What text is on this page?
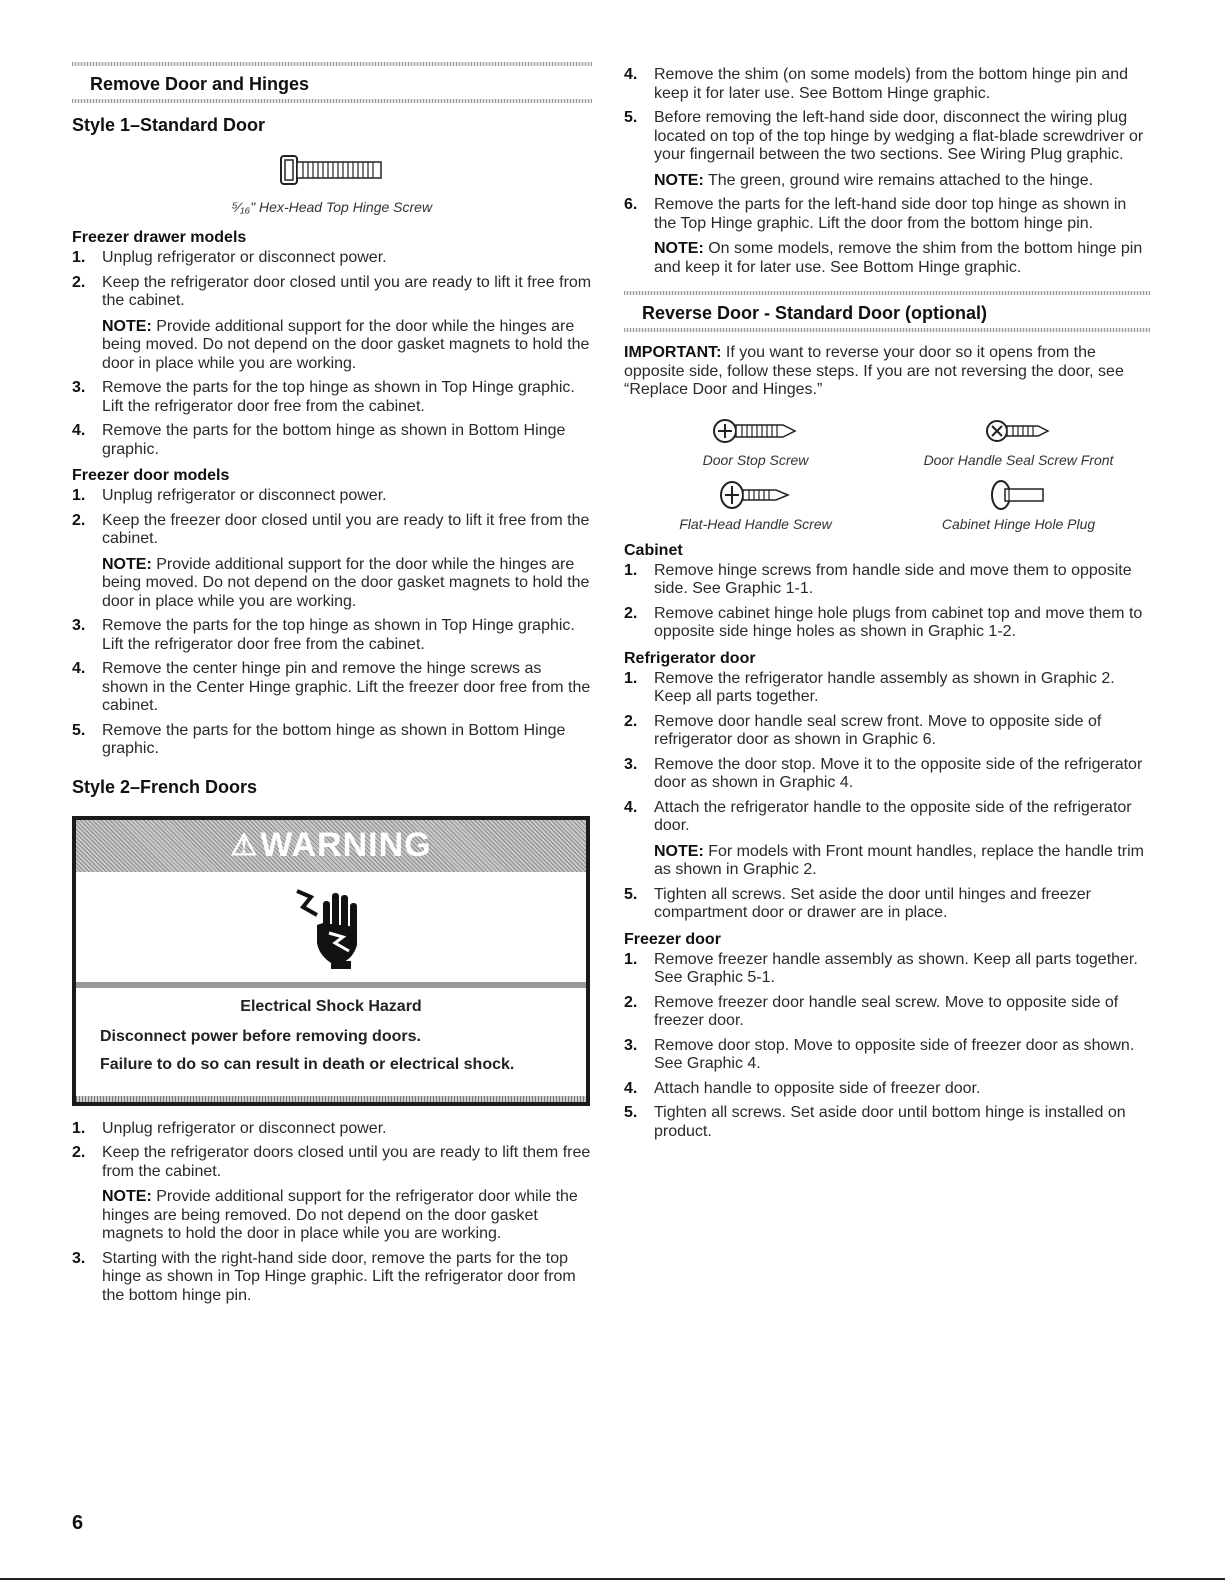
Remove Door and Hinges
Style 1–Standard Door
⁵⁄₁₆" Hex-Head Top Hinge Screw
Freezer drawer models
1. Unplug refrigerator or disconnect power.

2. Keep the refrigerator door closed until you are ready to lift it free from the cabinet.

NOTE: Provide additional support for the door while the hinges are being moved. Do not depend on the door gasket magnets to hold the door in place while you are working.

3. Remove the parts for the top hinge as shown in Top Hinge graphic. Lift the refrigerator door free from the cabinet.

4. Remove the parts for the bottom hinge as shown in Bottom Hinge graphic.

Freezer door models
1. Unplug refrigerator or disconnect power.

2. Keep the freezer door closed until you are ready to lift it free from the cabinet.

NOTE: Provide additional support for the door while the hinges are being moved. Do not depend on the door gasket magnets to hold the door in place while you are working.

3. Remove the parts for the top hinge as shown in Top Hinge graphic. Lift the refrigerator door free from the cabinet.

4. Remove the center hinge pin and remove the hinge screws as shown in the Center Hinge graphic. Lift the freezer door free from the cabinet.

5. Remove the parts for the bottom hinge as shown in Bottom Hinge graphic.

Style 2–French Doors
⚠ WARNING
Electrical Shock Hazard
Disconnect power before removing doors.
Failure to do so can result in death or electrical shock.
1. Unplug refrigerator or disconnect power.

2. Keep the refrigerator doors closed until you are ready to lift them free from the cabinet.

NOTE: Provide additional support for the refrigerator door while the hinges are being removed. Do not depend on the door gasket magnets to hold the door in place while you are working.

3. Starting with the right-hand side door, remove the parts for the top hinge as shown in Top Hinge graphic. Lift the refrigerator door from the bottom hinge pin.

4. Remove the shim (on some models) from the bottom hinge pin and keep it for later use. See Bottom Hinge graphic.

5. Before removing the left-hand side door, disconnect the wiring plug located on top of the top hinge by wedging a flat-blade screwdriver or your fingernail between the two sections. See Wiring Plug graphic.

NOTE: The green, ground wire remains attached to the hinge.

6. Remove the parts for the left-hand side door top hinge as shown in the Top Hinge graphic. Lift the door from the bottom hinge pin.

NOTE: On some models, remove the shim from the bottom hinge pin and keep it for later use. See Bottom Hinge graphic.

Reverse Door - Standard Door (optional)

IMPORTANT: If you want to reverse your door so it opens from the opposite side, follow these steps. If you are not reversing the door, see “Replace Door and Hinges.”

Door Stop Screw	Door Handle Seal Screw Front
Flat-Head Handle Screw	Cabinet Hinge Hole Plug
Cabinet
1. Remove hinge screws from handle side and move them to opposite side. See Graphic 1-1.

2. Remove cabinet hinge hole plugs from cabinet top and move them to opposite side hinge holes as shown in Graphic 1-2.

Refrigerator door
1. Remove the refrigerator handle assembly as shown in Graphic 2. Keep all parts together.

2. Remove door handle seal screw front. Move to opposite side of refrigerator door as shown in Graphic 6.

3. Remove the door stop. Move it to the opposite side of the refrigerator door as shown in Graphic 4.

4. Attach the refrigerator handle to the opposite side of the refrigerator door.

NOTE: For models with Front mount handles, replace the handle trim as shown in Graphic 2.

5. Tighten all screws. Set aside the door until hinges and freezer compartment door or drawer are in place.

Freezer door
1. Remove freezer handle assembly as shown. Keep all parts together. See Graphic 5-1.

2. Remove freezer door handle seal screw. Move to opposite side of freezer door.

3. Remove door stop. Move to opposite side of freezer door as shown. See Graphic 4.

4. Attach handle to opposite side of freezer door.

5. Tighten all screws. Set aside door until bottom hinge is installed on product.

6
